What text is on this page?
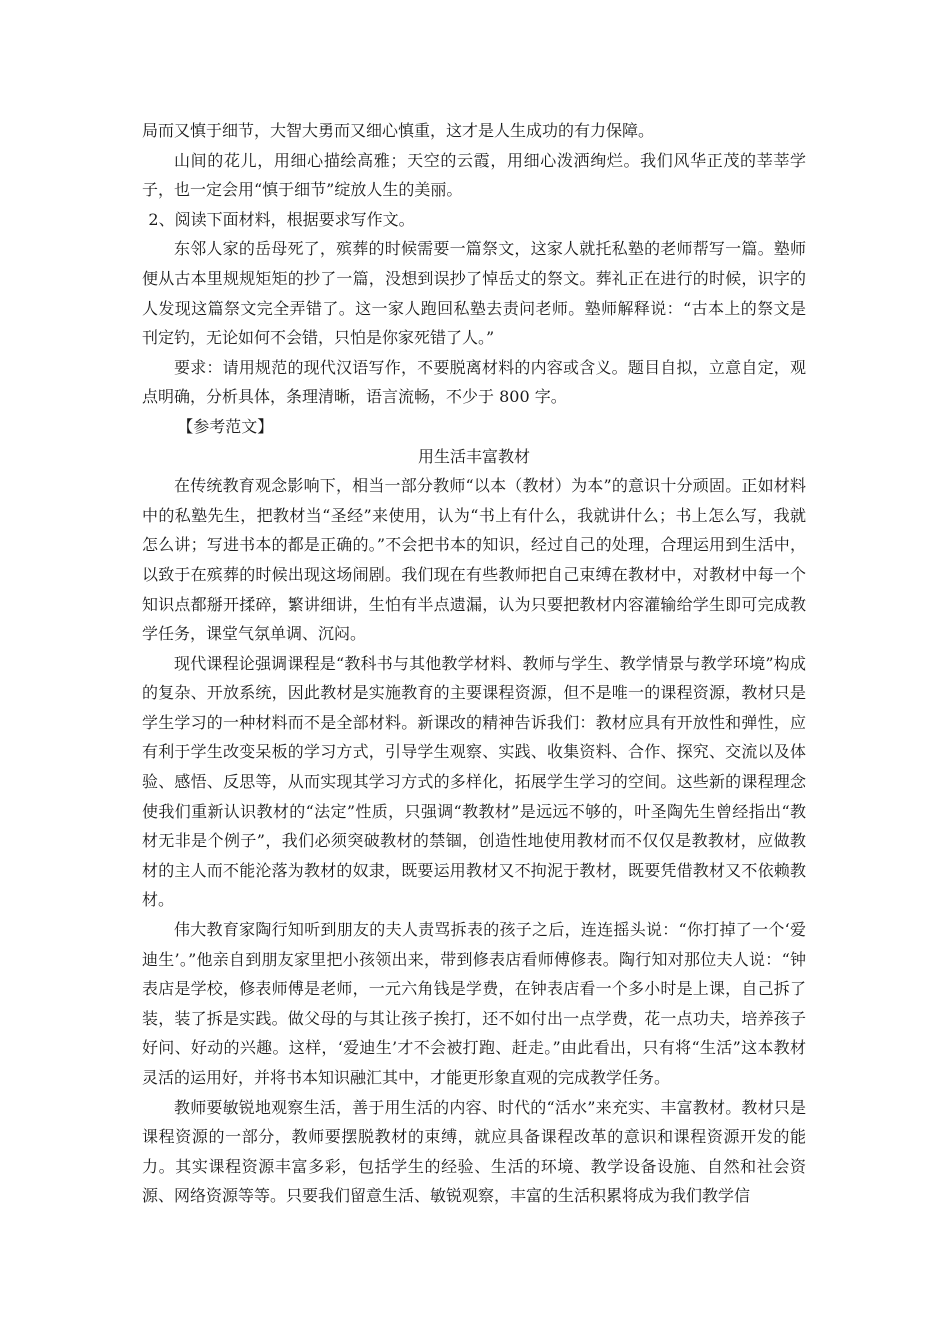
局而又慎于细节，大智大勇而又细心慎重，这才是人生成功的有力保障。

山间的花儿，用细心描绘高雅；天空的云霞，用细心泼洒绚烂。我们风华正茂的莘莘学子，也一定会用“慎于细节”绽放人生的美丽。

2、阅读下面材料，根据要求写作文。

东邻人家的岳母死了，殡葬的时候需要一篇祭文，这家人就托私塾的老师帮写一篇。塾师便从古本里规规矩矩的抄了一篇，没想到误抄了悼岳丈的祭文。葬礼正在进行的时候，识字的人发现这篇祭文完全弄错了。这一家人跑回私塾去责问老师。塾师解释说：“古本上的祭文是刊定钓，无论如何不会错，只怕是你家死错了人。”

要求：请用规范的现代汉语写作，不要脱离材料的内容或含义。题目自拟，立意自定，观点明确，分析具体，条理清晰，语言流畅，不少于 800 字。

【参考范文】

用生活丰富教材

在传统教育观念影响下，相当一部分教师“以本（教材）为本”的意识十分顽固。正如材料中的私塾先生，把教材当“圣经”来使用，认为“书上有什么，我就讲什么；书上怎么写，我就怎么讲；写进书本的都是正确的。”不会把书本的知识，经过自己的处理，合理运用到生活中，以致于在殡葬的时候出现这场闹剧。我们现在有些教师把自己束缚在教材中，对教材中每一个知识点都掰开揉碎，繁讲细讲，生怕有半点遗漏，认为只要把教材内容灌输给学生即可完成教学任务，课堂气氛单调、沉闷。

现代课程论强调课程是“教科书与其他教学材料、教师与学生、教学情景与教学环境”构成的复杂、开放系统，因此教材是实施教育的主要课程资源，但不是唯一的课程资源，教材只是学生学习的一种材料而不是全部材料。新课改的精神告诉我们：教材应具有开放性和弹性，应有利于学生改变呆板的学习方式，引导学生观察、实践、收集资料、合作、探究、交流以及体验、感悟、反思等，从而实现其学习方式的多样化，拓展学生学习的空间。这些新的课程理念使我们重新认识教材的“法定”性质，只强调“教教材”是远远不够的，叶圣陶先生曾经指出“教材无非是个例子”，我们必须突破教材的禁锢，创造性地使用教材而不仅仅是教教材，应做教材的主人而不能沦落为教材的奴隶，既要运用教材又不拘泥于教材，既要凭借教材又不依赖教材。

伟大教育家陶行知听到朋友的夫人责骂拆表的孩子之后，连连摇头说：“你打掉了一个‘爱迪生’。”他亲自到朋友家里把小孩领出来，带到修表店看师傅修表。陶行知对那位夫人说：“钟表店是学校，修表师傅是老师，一元六角钱是学费，在钟表店看一个多小时是上课，自己拆了装，装了拆是实践。做父母的与其让孩子挨打，还不如付出一点学费，花一点功夫，培养孩子好问、好动的兴趣。这样，‘爱迪生’才不会被打跑、赶走。”由此看出，只有将“生活”这本教材灵活的运用好，并将书本知识融汇其中，才能更形象直观的完成教学任务。

教师要敏锐地观察生活，善于用生活的内容、时代的“活水”来充实、丰富教材。教材只是课程资源的一部分，教师要摆脱教材的束缚，就应具备课程改革的意识和课程资源开发的能力。其实课程资源丰富多彩，包括学生的经验、生活的环境、教学设备设施、自然和社会资源、网络资源等等。只要我们留意生活、敏锐观察，丰富的生活积累将成为我们教学信
